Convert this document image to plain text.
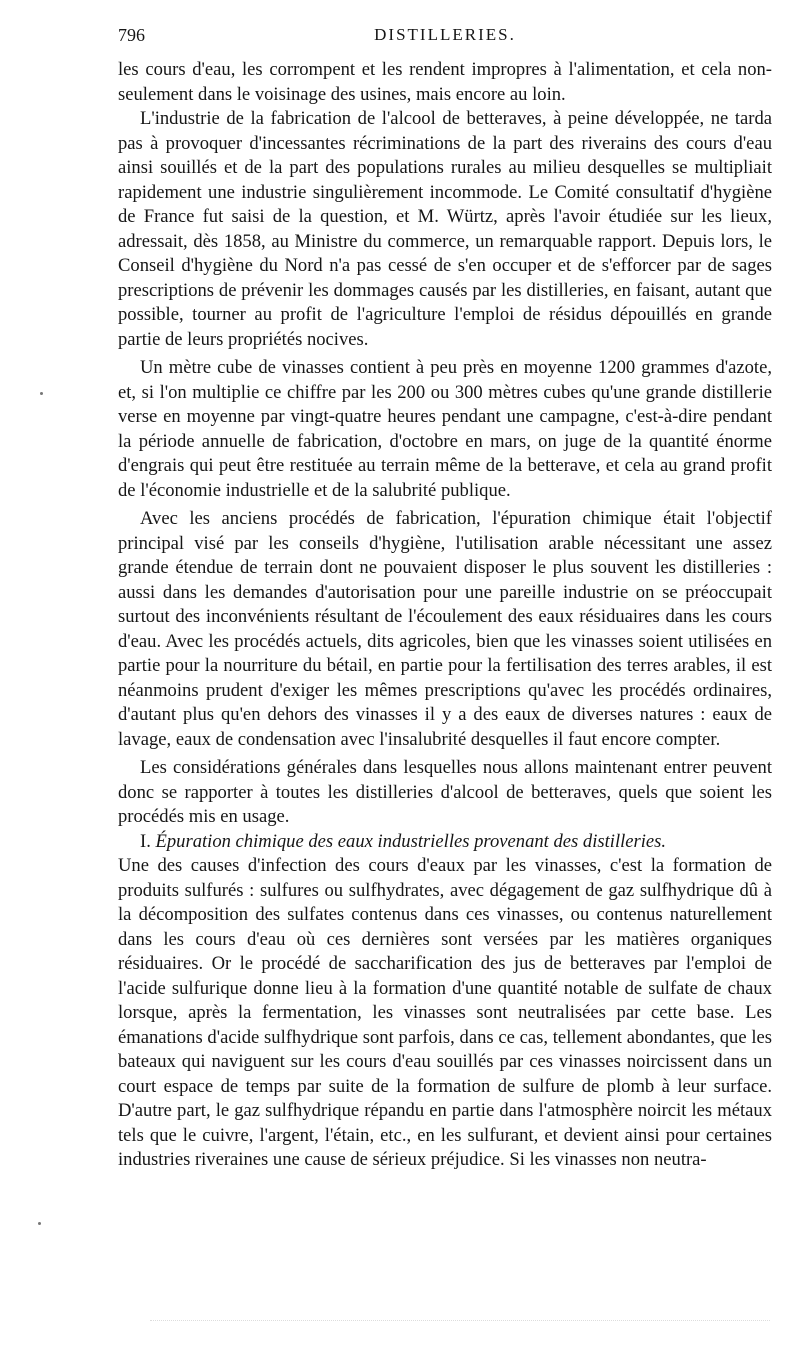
796	DISTILLERIES.

les cours d'eau, les corrompent et les rendent impropres à l'alimentation, et cela non-seulement dans le voisinage des usines, mais encore au loin.

L'industrie de la fabrication de l'alcool de betteraves, à peine développée, ne tarda pas à provoquer d'incessantes récriminations de la part des riverains des cours d'eau ainsi souillés et de la part des populations rurales au milieu desquelles se multipliait rapidement une industrie singulièrement incommode. Le Comité consultatif d'hygiène de France fut saisi de la question, et M. Würtz, après l'avoir étudiée sur les lieux, adressait, dès 1858, au Ministre du commerce, un remarquable rapport. Depuis lors, le Conseil d'hygiène du Nord n'a pas cessé de s'en occuper et de s'efforcer par de sages prescriptions de prévenir les dommages causés par les distilleries, en faisant, autant que possible, tourner au profit de l'agriculture l'emploi de résidus dépouillés en grande partie de leurs propriétés nocives.

Un mètre cube de vinasses contient à peu près en moyenne 1200 grammes d'azote, et, si l'on multiplie ce chiffre par les 200 ou 300 mètres cubes qu'une grande distillerie verse en moyenne par vingt-quatre heures pendant une campagne, c'est-à-dire pendant la période annuelle de fabrication, d'octobre en mars, on juge de la quantité énorme d'engrais qui peut être restituée au terrain même de la betterave, et cela au grand profit de l'économie industrielle et de la salubrité publique.

Avec les anciens procédés de fabrication, l'épuration chimique était l'objectif principal visé par les conseils d'hygiène, l'utilisation arable nécessitant une assez grande étendue de terrain dont ne pouvaient disposer le plus souvent les distilleries : aussi dans les demandes d'autorisation pour une pareille industrie on se préoccupait surtout des inconvénients résultant de l'écoulement des eaux résiduaires dans les cours d'eau. Avec les procédés actuels, dits agricoles, bien que les vinasses soient utilisées en partie pour la nourriture du bétail, en partie pour la fertilisation des terres arables, il est néanmoins prudent d'exiger les mêmes prescriptions qu'avec les procédés ordinaires, d'autant plus qu'en dehors des vinasses il y a des eaux de diverses natures : eaux de lavage, eaux de condensation avec l'insalubrité desquelles il faut encore compter.

Les considérations générales dans lesquelles nous allons maintenant entrer peuvent donc se rapporter à toutes les distilleries d'alcool de betteraves, quels que soient les procédés mis en usage.

I. Épuration chimique des eaux industrielles provenant des distilleries.

Une des causes d'infection des cours d'eaux par les vinasses, c'est la formation de produits sulfurés : sulfures ou sulfhydrates, avec dégagement de gaz sulfhydrique dû à la décomposition des sulfates contenus dans ces vinasses, ou contenus naturellement dans les cours d'eau où ces dernières sont versées par les matières organiques résiduaires. Or le procédé de saccharification des jus de betteraves par l'emploi de l'acide sulfurique donne lieu à la formation d'une quantité notable de sulfate de chaux lorsque, après la fermentation, les vinasses sont neutralisées par cette base. Les émanations d'acide sulfhydrique sont parfois, dans ce cas, tellement abondantes, que les bateaux qui naviguent sur les cours d'eau souillés par ces vinasses noircissent dans un court espace de temps par suite de la formation de sulfure de plomb à leur surface. D'autre part, le gaz sulfhydrique répandu en partie dans l'atmosphère noircit les métaux tels que le cuivre, l'argent, l'étain, etc., en les sulfurant, et devient ainsi pour certaines industries riveraines une cause de sérieux préjudice. Si les vinasses non neutra-
